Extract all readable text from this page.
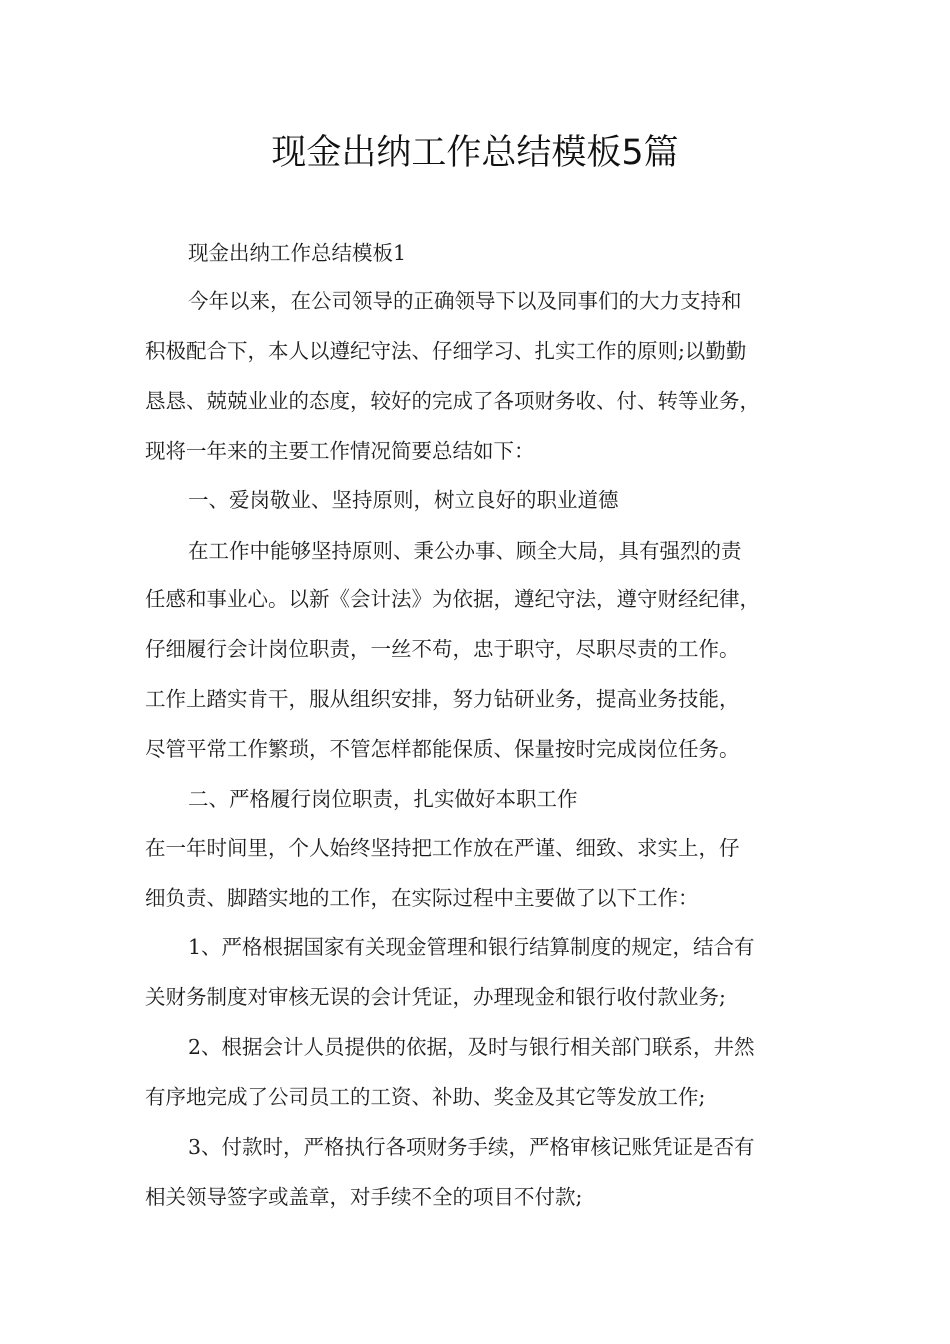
现金出纳工作总结模板5篇
现金出纳工作总结模板1
今年以来，在公司领导的正确领导下以及同事们的大力支持和
积极配合下，本人以遵纪守法、仔细学习、扎实工作的原则;以勤勤
恳恳、兢兢业业的态度，较好的完成了各项财务收、付、转等业务，
现将一年来的主要工作情况简要总结如下：
一、爱岗敬业、坚持原则，树立良好的职业道德
在工作中能够坚持原则、秉公办事、顾全大局，具有强烈的责
任感和事业心。以新《会计法》为依据，遵纪守法，遵守财经纪律，
仔细履行会计岗位职责，一丝不苟，忠于职守，尽职尽责的工作。
工作上踏实肯干，服从组织安排，努力钻研业务，提高业务技能，
尽管平常工作繁琐，不管怎样都能保质、保量按时完成岗位任务。
二、严格履行岗位职责，扎实做好本职工作
在一年时间里，个人始终坚持把工作放在严谨、细致、求实上，仔
细负责、脚踏实地的工作，在实际过程中主要做了以下工作：
1、严格根据国家有关现金管理和银行结算制度的规定，结合有
关财务制度对审核无误的会计凭证，办理现金和银行收付款业务;
2、根据会计人员提供的依据，及时与银行相关部门联系，井然
有序地完成了公司员工的工资、补助、奖金及其它等发放工作;
3、付款时，严格执行各项财务手续，严格审核记账凭证是否有
相关领导签字或盖章，对手续不全的项目不付款;
